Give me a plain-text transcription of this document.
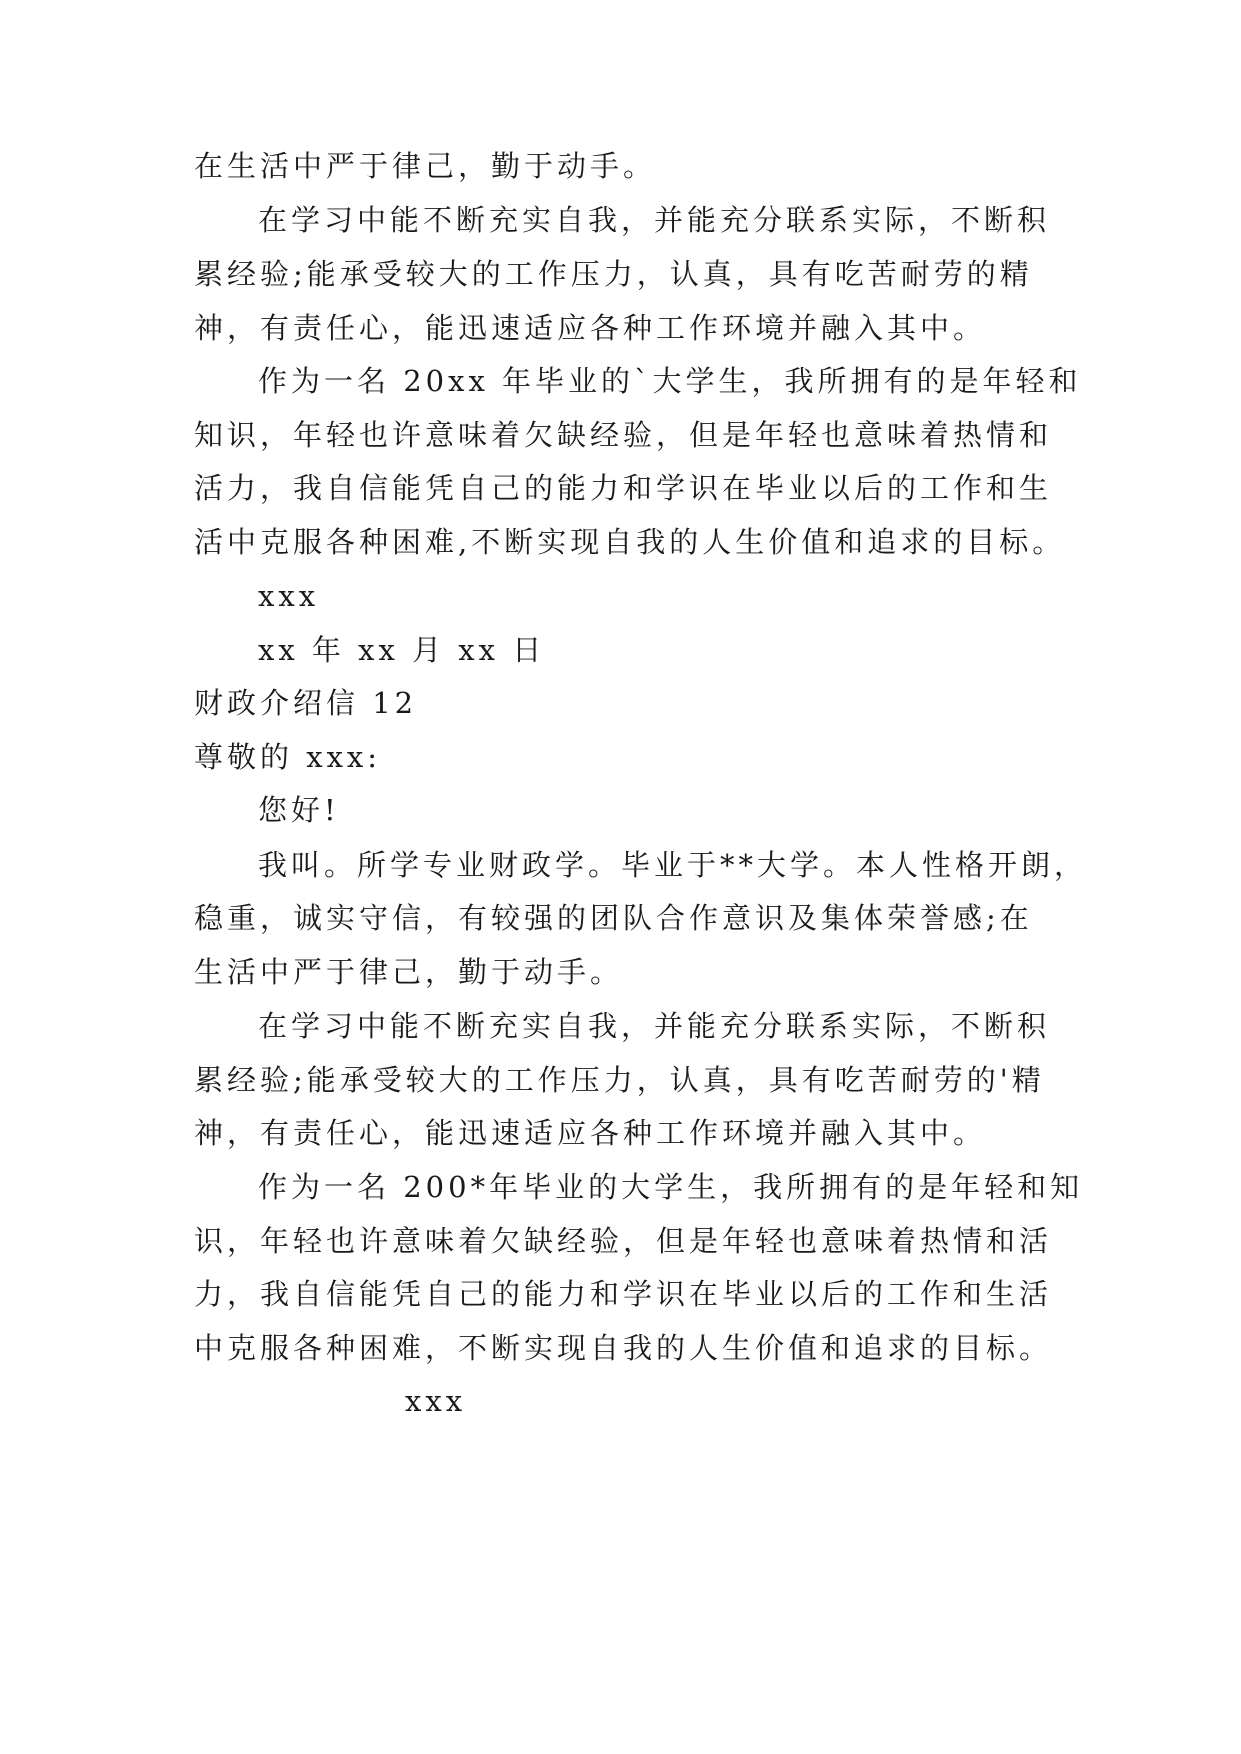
在生活中严于律己，勤于动手。
在学习中能不断充实自我，并能充分联系实际，不断积
累经验;能承受较大的工作压力，认真，具有吃苦耐劳的精
神，有责任心，能迅速适应各种工作环境并融入其中。
作为一名 20xx 年毕业的`大学生，我所拥有的是年轻和
知识，年轻也许意味着欠缺经验，但是年轻也意味着热情和
活力，我自信能凭自己的能力和学识在毕业以后的工作和生
活中克服各种困难,不断实现自我的人生价值和追求的目标。
xxx
xx 年 xx 月 xx 日
财政介绍信 12
尊敬的 xxx:
您好!
我叫。所学专业财政学。毕业于**大学。本人性格开朗，
稳重，诚实守信，有较强的团队合作意识及集体荣誉感;在
生活中严于律己，勤于动手。
在学习中能不断充实自我，并能充分联系实际，不断积
累经验;能承受较大的工作压力，认真，具有吃苦耐劳的'精
神，有责任心，能迅速适应各种工作环境并融入其中。
作为一名 200*年毕业的大学生，我所拥有的是年轻和知
识，年轻也许意味着欠缺经验，但是年轻也意味着热情和活
力，我自信能凭自己的能力和学识在毕业以后的工作和生活
中克服各种困难，不断实现自我的人生价值和追求的目标。
xxx
